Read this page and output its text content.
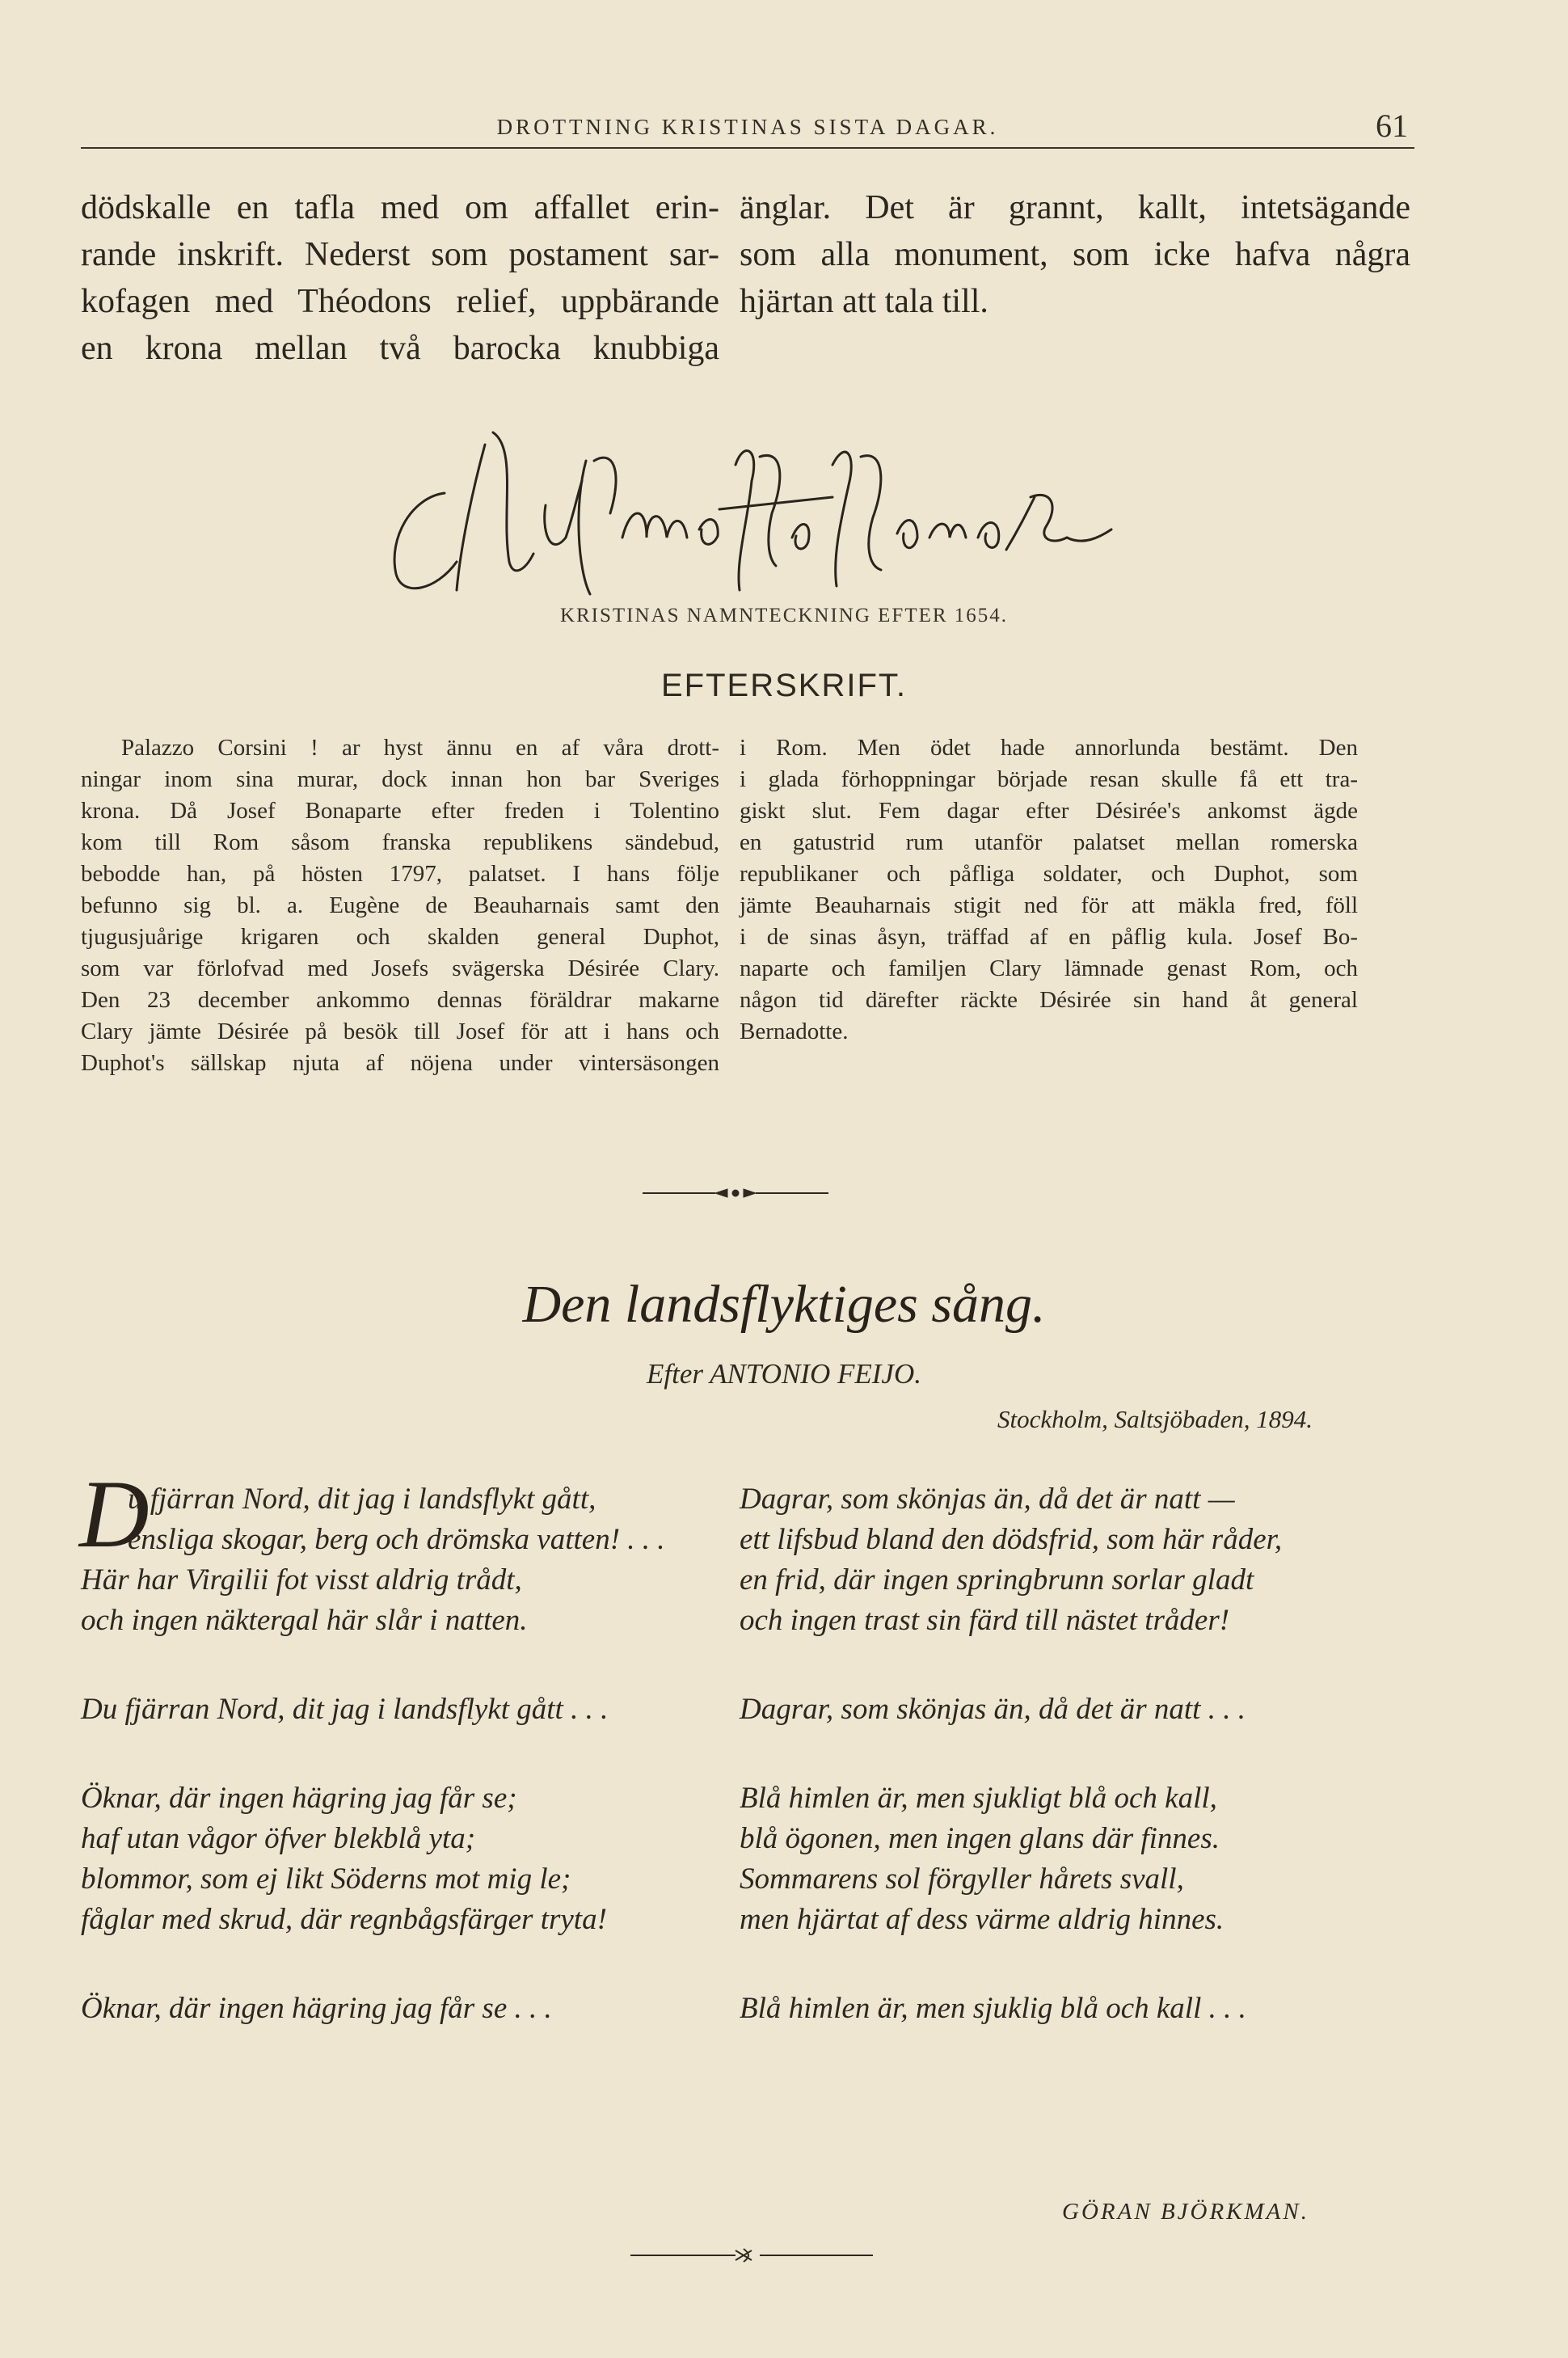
DROTTNING KRISTINAS SISTA DAGAR.	61
dödskalle en tafla med om affallet erin-
rande inskrift. Nederst som postament sar-
kofagen med Théodons relief, uppbärande
en krona mellan två barocka knubbiga
änglar. Det är grannt, kallt, intetsägande
som alla monument, som icke hafva några
hjärtan att tala till.
KRISTINAS NAMNTECKNING EFTER 1654.
EFTERSKRIFT.
Palazzo Corsini ! ar hyst ännu en af våra drott-
ningar inom sina murar, dock innan hon bar Sveriges
krona. Då Josef Bonaparte efter freden i Tolentino
kom till Rom såsom franska republikens sändebud,
bebodde han, på hösten 1797, palatset. I hans följe
befunno sig bl. a. Eugène de Beauharnais samt den
tjugusjuårige krigaren och skalden general Duphot,
som var förlofvad med Josefs svägerska Désirée Clary.
Den 23 december ankommo dennas föräldrar makarne
Clary jämte Désirée på besök till Josef för att i hans och
Duphot's sällskap njuta af nöjena under vintersäsongen
i Rom. Men ödet hade annorlunda bestämt. Den
i glada förhoppningar började resan skulle få ett tra-
giskt slut. Fem dagar efter Désirée's ankomst ägde
en gatustrid rum utanför palatset mellan romerska
republikaner och påfliga soldater, och Duphot, som
jämte Beauharnais stigit ned för att mäkla fred, föll
i de sinas åsyn, träffad af en påflig kula. Josef Bo-
naparte och familjen Clary lämnade genast Rom, och
någon tid därefter räckte Désirée sin hand åt general
Bernadotte.
Den landsflyktiges sång.
Efter ANTONIO FEIJO.
Stockholm, Saltsjöbaden, 1894.
D
u fjärran Nord, dit jag i landsflykt gått,
ensliga skogar, berg och drömska vatten! . . .
Här har Virgilii fot visst aldrig trådt,
och ingen näktergal här slår i natten.
Du fjärran Nord, dit jag i landsflykt gått . . .
Öknar, där ingen hägring jag får se;
haf utan vågor öfver blekblå yta;
blommor, som ej likt Söderns mot mig le;
fåglar med skrud, där regnbågsfärger tryta!
Öknar, där ingen hägring jag får se . . .
Dagrar, som skönjas än, då det är natt —
ett lifsbud bland den dödsfrid, som här råder,
en frid, där ingen springbrunn sorlar gladt
och ingen trast sin färd till nästet tråder!
Dagrar, som skönjas än, då det är natt . . .
Blå himlen är, men sjukligt blå och kall,
blå ögonen, men ingen glans där finnes.
Sommarens sol förgyller hårets svall,
men hjärtat af dess värme aldrig hinnes.
Blå himlen är, men sjuklig blå och kall . . .
GÖRAN BJÖRKMAN.
